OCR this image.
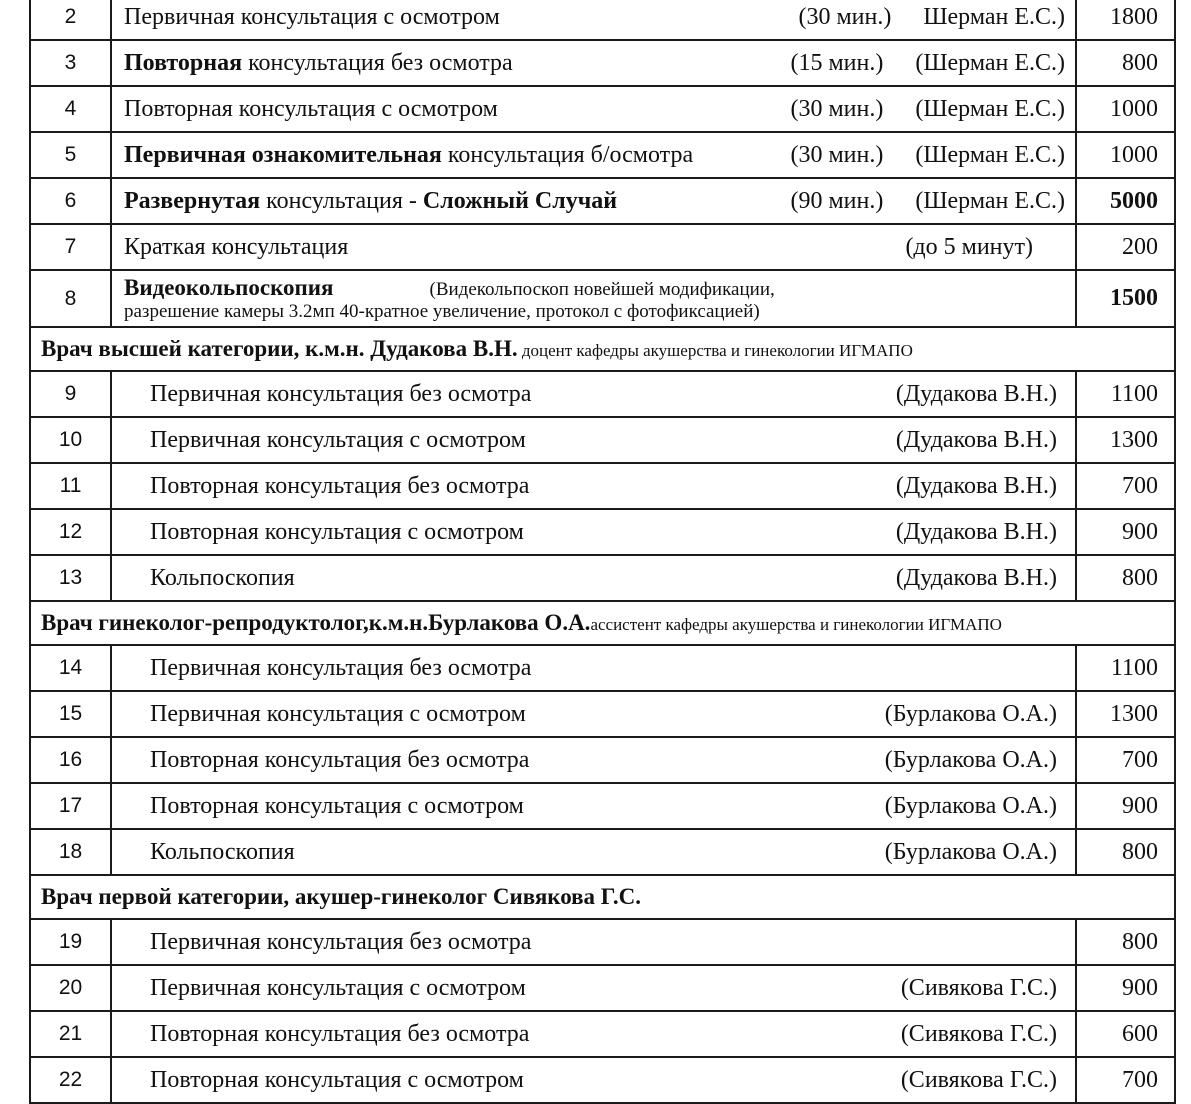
2	Первичная консультация с осмотром (30 мин.) Шерман Е.С.)	1800
3	Повторная консультация без осмотра (15 мин.) (Шерман Е.С.)	800
4	Повторная консультация с осмотром (30 мин.) (Шерман Е.С.)	1000
5	Первичная ознакомительная консультация б/осмотра (30 мин.) (Шерман Е.С.)	1000
6	Развернутая консультация - Сложный Случай (90 мин.) (Шерман Е.С.)	5000
7	Краткая консультация (до 5 минут)	200
8	Видеокольпоскопия (Видекольпоскоп новейшей модификации,
разрешение камеры 3.2мп 40-кратное увеличение, протокол с фотофиксацией)	1500
Врач высшей категории, к.м.н. Дудакова В.Н. доцент кафедры акушерства и гинекологии ИГМАПО		
9	Первичная консультация без осмотра (Дудакова В.Н.)	1100
10	Первичная консультация с осмотром (Дудакова В.Н.)	1300
11	Повторная консультация без осмотра (Дудакова В.Н.)	700
12	Повторная консультация с осмотром (Дудакова В.Н.)	900
13	Кольпоскопия (Дудакова В.Н.)	800
Врач гинеколог-репродуктолог,к.м.н.Бурлакова О.А.ассистент кафедры акушерства и гинекологии ИГМАПО		
14	Первичная консультация без осмотра	1100
15	Первичная консультация с осмотром (Бурлакова О.А.)	1300
16	Повторная консультация без осмотра (Бурлакова О.А.)	700
17	Повторная консультация с осмотром (Бурлакова О.А.)	900
18	Кольпоскопия (Бурлакова О.А.)	800
Врач первой категории, акушер-гинеколог Сивякова Г.С.		
19	Первичная консультация без осмотра	800
20	Первичная консультация с осмотром (Сивякова Г.С.)	900
21	Повторная консультация без осмотра (Сивякова Г.С.)	600
22	Повторная консультация с осмотром (Сивякова Г.С.)	700
